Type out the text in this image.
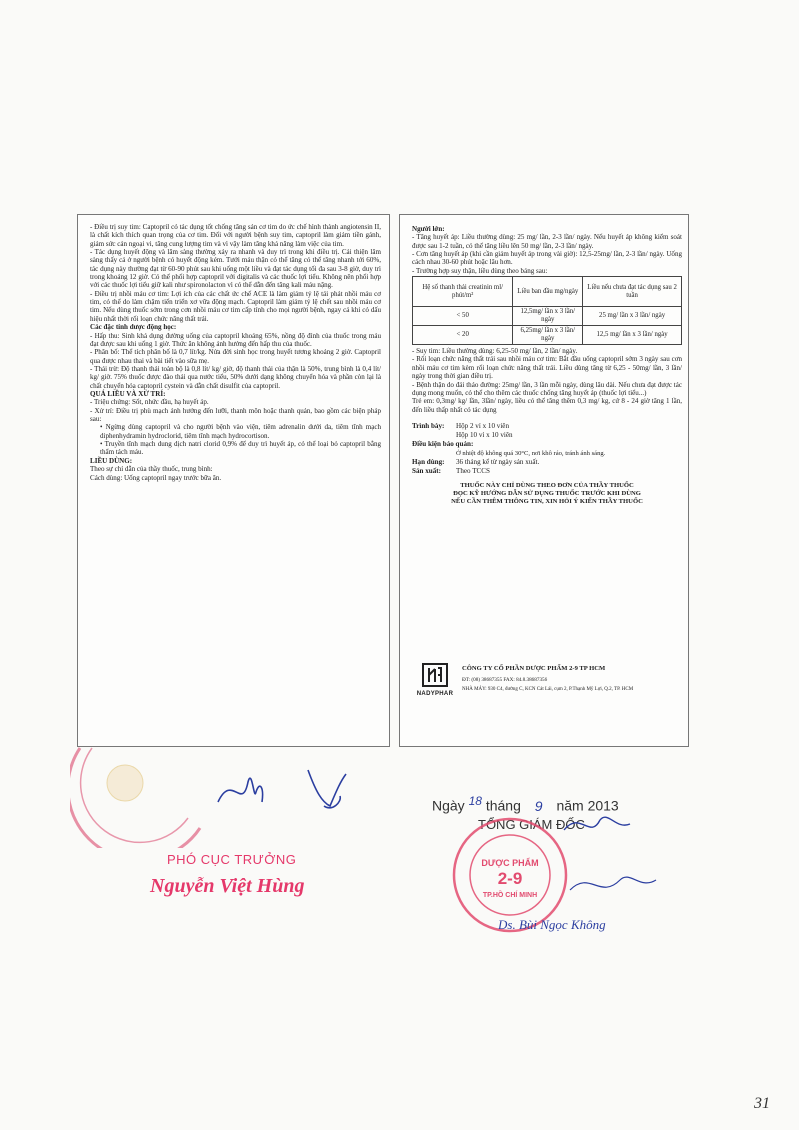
- Điều trị suy tim: Captopril có tác dụng tốt chống tăng sản cơ tim do ức chế hình thành angiotensin II, là chất kích thích quan trọng của cơ tim. Đối với người bệnh suy tim, captopril làm giảm tiền gánh, giảm sức cản ngoại vi, tăng cung lượng tim và vì vậy làm tăng khả năng làm việc của tim.

- Tác dụng huyết động và lâm sàng thường xảy ra nhanh và duy trì trong khi điều trị. Cải thiện lâm sàng thấy cả ở người bệnh có huyết động kém. Tưới máu thận có thể tăng có thể tăng nhanh tới 60%, tác dụng này thường đạt từ 60-90 phút sau khi uống một liều và đạt tác dụng tối đa sau 3-8 giờ, duy trì trong khoảng 12 giờ. Có thể phối hợp captopril với digitalis và các thuốc lợi tiểu. Không nên phối hợp với các thuốc lợi tiểu giữ kali như spironolacton vì có thể dẫn đến tăng kali máu nặng.

- Điều trị nhồi máu cơ tim: Lợi ích của các chất ức chế ACE là làm giảm tỷ lệ tái phát nhồi máu cơ tim, có thể do làm chậm tiến triển xơ vữa động mạch. Captopril làm giảm tỷ lệ chết sau nhồi máu cơ tim. Nếu dùng thuốc sớm trong cơn nhồi máu cơ tim cấp tính cho mọi người bệnh, ngay cả khi có dấu hiệu nhất thời rối loạn chức năng thất trái.

Các đặc tính dược động học:

- Hấp thu: Sinh khả dụng đường uống của captopril khoảng 65%, nồng độ đỉnh của thuốc trong máu đạt được sau khi uống 1 giờ. Thức ăn không ảnh hưởng đến hấp thu của thuốc.

- Phân bố: Thể tích phân bố là 0,7 lít/kg. Nửa đời sinh học trong huyết tương khoảng 2 giờ. Captopril qua được nhau thai và bài tiết vào sữa mẹ.

- Thải trừ: Độ thanh thải toàn bộ là 0,8 lít/ kg/ giờ, độ thanh thải của thận là 50%, trung bình là 0,4 lít/ kg/ giờ. 75% thuốc được đào thải qua nước tiểu, 50% dưới dạng không chuyển hóa và phần còn lại là chất chuyển hóa captopril cystein và dẫn chất disulfit của captopril.

QUÁ LIỀU VÀ XỬ TRÍ:

- Triệu chứng: Sốt, nhức đầu, hạ huyết áp.

- Xử trí: Điều trị phù mạch ảnh hưởng đến lưỡi, thanh môn hoặc thanh quản, bao gồm các biện pháp sau:

• Ngừng dùng captopril và cho người bệnh vào viện, tiêm adrenalin dưới da, tiêm tĩnh mạch diphenhydramin hydroclorid, tiêm tĩnh mạch hydrocortison.

• Truyền tĩnh mạch dung dịch natri clorid 0,9% để duy trì huyết áp, có thể loại bỏ captopril bằng thẩm tách máu.

LIỀU DÙNG:

Theo sự chỉ dẫn của thầy thuốc, trung bình:

Cách dùng: Uống captopril ngay trước bữa ăn.

Người lớn:

- Tăng huyết áp: Liều thường dùng: 25 mg/ lần, 2-3 lần/ ngày. Nếu huyết áp không kiểm soát được sau 1-2 tuần, có thể tăng liều lên 50 mg/ lần, 2-3 lần/ ngày.

- Cơn tăng huyết áp (khi cần giảm huyết áp trong vài giờ): 12,5-25mg/ lần, 2-3 lần/ ngày. Uống cách nhau 30-60 phút hoặc lâu hơn.

- Trường hợp suy thận, liều dùng theo bảng sau:

Hệ số thanh thải creatinin ml/ phút/m²	Liều ban đầu mg/ngày	Liều nếu chưa đạt tác dụng sau 2 tuần
< 50	12,5mg/ lần x 3 lần/ ngày	25 mg/ lần x 3 lần/ ngày
< 20	6,25mg/ lần x 3 lần/ ngày	12,5 mg/ lần x 3 lần/ ngày

- Suy tim: Liều thường dùng: 6,25-50 mg/ lần, 2 lần/ ngày.

- Rối loạn chức năng thất trái sau nhồi máu cơ tim: Bắt đầu uống captopril sớm 3 ngày sau cơn nhồi máu cơ tim kèm rối loạn chức năng thất trái. Liều dùng tăng từ 6,25 - 50mg/ lần, 3 lần/ ngày trong thời gian điều trị.

- Bệnh thận do đái tháo đường: 25mg/ lần, 3 lần mỗi ngày, dùng lâu dài. Nếu chưa đạt được tác dụng mong muốn, có thể cho thêm các thuốc chống tăng huyết áp (thuốc lợi tiểu...)

Trẻ em: 0,3mg/ kg/ lần, 3lần/ ngày, liều có thể tăng thêm 0,3 mg/ kg, cứ 8 - 24 giờ tăng 1 lần, đến liều thấp nhất có tác dụng

Trình bày:	Hộp 2 vỉ x 10 viên
Hộp 10 vỉ x 10 viên
Điều kiện bảo quản:
Ở nhiệt độ không quá 30°C, nơi khô ráo, tránh ánh sáng.
Hạn dùng:	36 tháng kể từ ngày sản xuất.
Sản xuất:	Theo TCCS
THUỐC NÀY CHỈ DÙNG THEO ĐƠN CỦA THẦY THUỐC
ĐỌC KỸ HƯỚNG DẪN SỬ DỤNG THUỐC TRƯỚC KHI DÙNG
NẾU CẦN THÊM THÔNG TIN, XIN HỎI Ý KIẾN THẦY THUỐC
NADYPHAR
CÔNG TY CỔ PHẦN DƯỢC PHẨM 2-9 TP HCM
ĐT: (08) 38687355 FAX: 84.8.38687356
NHÀ MÁY: 930 C4, đường C, KCN Cát Lái, cụm 2, P.Thạnh Mỹ Lợi, Q.2, TP. HCM
PHÓ CỤC TRƯỞNG
Nguyễn Việt Hùng
Ngày 18 tháng 9 năm 2013
TỔNG GIÁM ĐỐC
DƯỢC PHẨM
2-9
TP.HỒ CHÍ MINH
Ds. Bùi Ngọc Không
31
